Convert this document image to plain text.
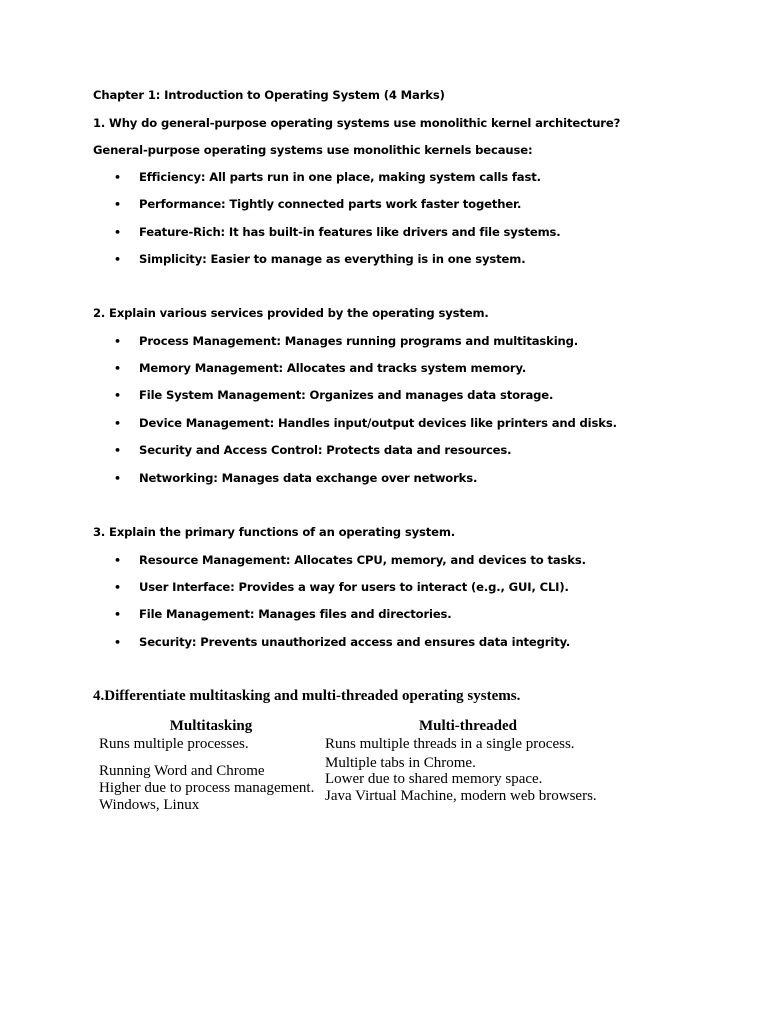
Chapter 1: Introduction to Operating System (4 Marks)
1. Why do general-purpose operating systems use monolithic kernel architecture?
General-purpose operating systems use monolithic kernels because:
• Efficiency: All parts run in one place, making system calls fast.
• Performance: Tightly connected parts work faster together.
• Feature-Rich: It has built-in features like drivers and file systems.
• Simplicity: Easier to manage as everything is in one system.
2. Explain various services provided by the operating system.
• Process Management: Manages running programs and multitasking.
• Memory Management: Allocates and tracks system memory.
• File System Management: Organizes and manages data storage.
• Device Management: Handles input/output devices like printers and disks.
• Security and Access Control: Protects data and resources.
• Networking: Manages data exchange over networks.
3. Explain the primary functions of an operating system.
• Resource Management: Allocates CPU, memory, and devices to tasks.
• User Interface: Provides a way for users to interact (e.g., GUI, CLI).
• File Management: Manages files and directories.
• Security: Prevents unauthorized access and ensures data integrity.
4.Differentiate multitasking and multi-threaded operating systems.
Multitasking	Multi-threaded
Runs multiple processes.
Running Word and Chrome
Higher due to process management.
Windows, Linux
Runs multiple threads in a single process.
Multiple tabs in Chrome.
Lower due to shared memory space.
Java Virtual Machine, modern web browsers.
